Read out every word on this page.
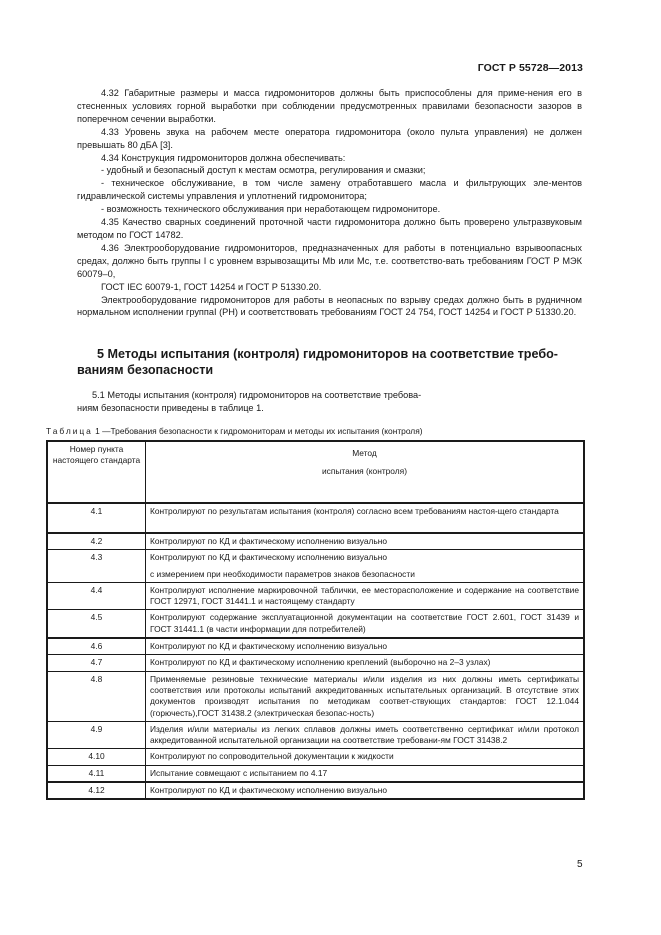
ГОСТ Р 55728—2013

4.32 Габаритные размеры и масса гидромониторов должны быть приспособлены для приме-нения его в стесненных условиях горной выработки при соблюдении предусмотренных правилами безопасности зазоров в поперечном сечении выработки.

4.33 Уровень звука на рабочем месте оператора гидромонитора (около пульта управления) не должен превышать 80 дБА [3].

4.34 Конструкция гидромониторов должна обеспечивать:

- удобный и безопасный доступ к местам осмотра, регулирования и смазки;

- техническое обслуживание, в том числе замену отработавшего масла и фильтрующих эле-ментов гидравлической системы управления и уплотнений гидромонитора;

- возможность технического обслуживания при неработающем гидромониторе.

4.35 Качество сварных соединений проточной части гидромонитора должно быть проверено ультразвуковым методом по ГОСТ 14782.

4.36 Электрооборудование гидромониторов, предназначенных для работы в потенциально взрывоопасных средах, должно быть группы I с уровнем взрывозащиты Mb или Mc, т.е. соответство-вать требованиям ГОСТ Р МЭК 60079–0,

ГОСТ IEC 60079-1, ГОСТ 14254 и ГОСТ Р 51330.20.

Электрооборудование гидромониторов для работы в неопасных по взрыву средах должно быть в рудничном нормальном исполнении группаI (РН) и соответствовать требованиям ГОСТ 24 754, ГОСТ 14254 и ГОСТ Р 51330.20.

5 Методы испытания (контроля) гидромониторов на соответствие требо-
ваниям безопасности
5.1 Методы испытания (контроля) гидромониторов на соответствие требова-
ниям безопасности приведены в таблице 1.
Таблица 1 —Требования безопасности к гидромониторам и методы их испытания (контроля)
Номер пункта настоящего стандарта	Метод
испытания (контроля)

4.1	Контролируют по результатам испытания (контроля) согласно всем требованиям настоя-щего стандарта
4.2	Контролируют по КД и фактическому исполнению визуально
4.3	Контролируют по КД и фактическому исполнению визуально
с измерением при необходимости параметров знаков безопасности

4.4	Контролируют исполнение маркировочной таблички, ее месторасположение и содержание на соответствие ГОСТ 12971, ГОСТ 31441.1 и настоящему стандарту
4.5	Контролируют содержание эксплуатационной документации на соответствие ГОСТ 2.601, ГОСТ 31439 и ГОСТ 31441.1 (в части информации для потребителей)
4.6	Контролируют по КД и фактическому исполнению визуально
4.7	Контролируют по КД и фактическому исполнению креплений (выборочно на 2–3 узлах)
4.8	Применяемые резиновые технические материалы и/или изделия из них должны иметь сертификаты соответствия или протоколы испытаний аккредитованных испытательных организаций. В отсутствие этих документов производят испытания по методикам соответ-ствующих стандартов: ГОСТ 12.1.044 (горючесть),ГОСТ 31438.2 (электрическая безопас-ность)
4.9	Изделия и/или материалы из легких сплавов должны иметь соответственно сертификат и/или протокол аккредитованной испытательной организации на соответствие требовани-ям ГОСТ 31438.2
4.10	Контролируют по сопроводительной документации к жидкости
4.11	Испытание совмещают с испытанием по 4.17
4.12	Контролируют по КД и фактическому исполнению визуально
5
